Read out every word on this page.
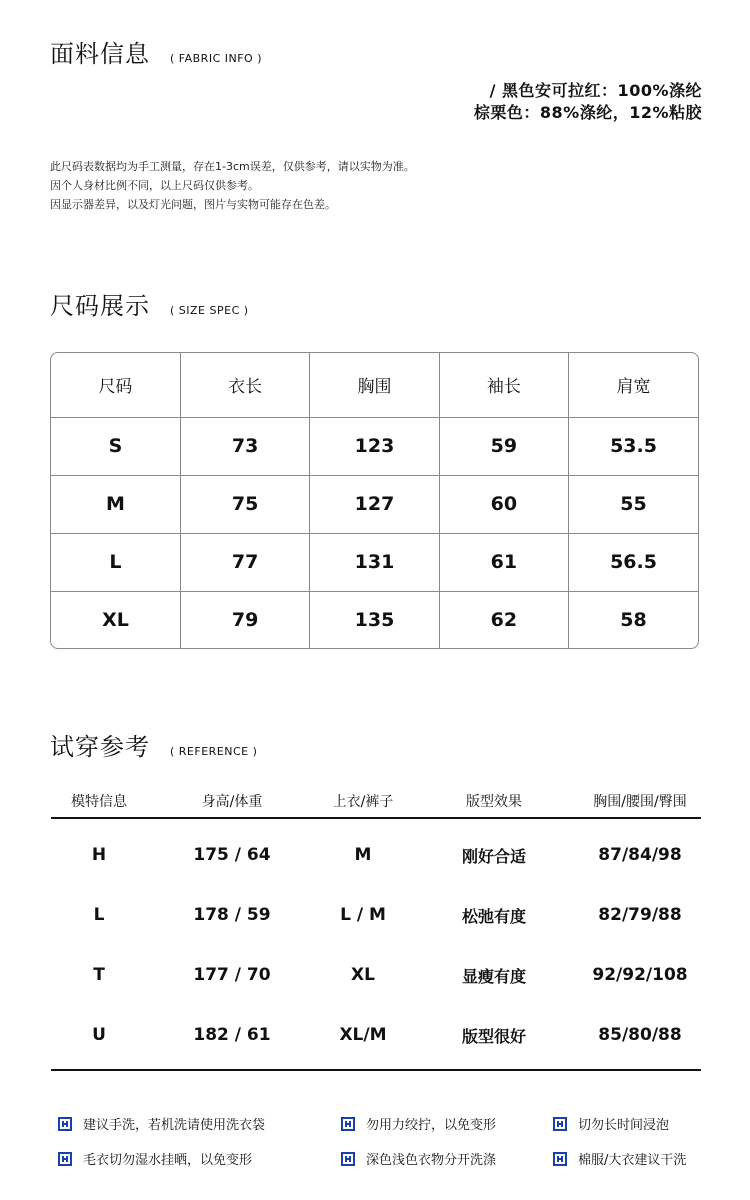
面料信息 ( FABRIC INFO )
/ 黑色安可拉红：100%涤纶
棕栗色：88%涤纶，12%粘胶
此尺码表数据均为手工测量，存在1-3cm误差，仅供参考，请以实物为准。
因个人身材比例不同，以上尺码仅供参考。
因显示器差异，以及灯光问题，图片与实物可能存在色差。
尺码展示 ( SIZE SPEC )
尺码	衣长	胸围	袖长	肩宽
S	73	123	59	53.5
M	75	127	60	55
L	77	131	61	56.5
XL	79	135	62	58
试穿参考 ( REFERENCE )
模特信息	身高/体重	上衣/裤子	版型效果	胸围/腰围/臀围
H	175 / 64	M	刚好合适	87/84/98
L	178 / 59	L / M	松弛有度	82/79/88
T	177 / 70	XL	显瘦有度	92/92/108
U	182 / 61	XL/M	版型很好	85/80/88
建议手洗，若机洗请使用洗衣袋	勿用力绞拧，以免变形	切勿长时间浸泡
毛衣切勿湿水挂晒，以免变形	深色浅色衣物分开洗涤	棉服/大衣建议干洗
